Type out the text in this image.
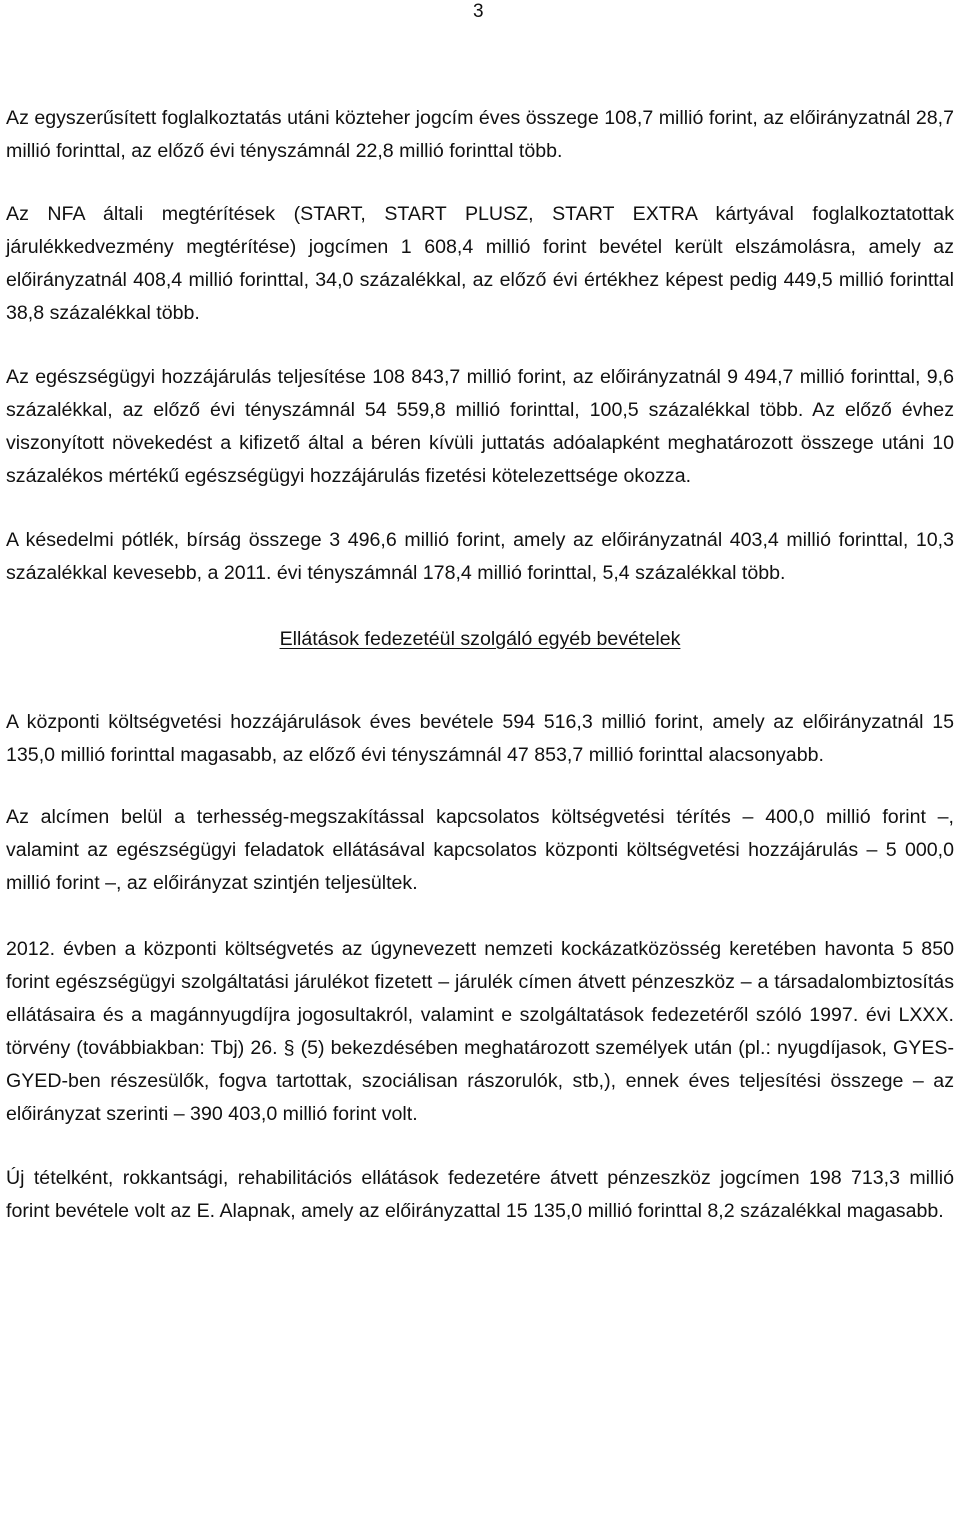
3

Az egyszerűsített foglalkoztatás utáni közteher jogcím éves összege 108,7 millió forint, az előirányzatnál 28,7 millió forinttal, az előző évi tényszámnál 22,8 millió forinttal több.

Az NFA általi megtérítések (START, START PLUSZ, START EXTRA kártyával foglalkoztatottak járulékkedvezmény megtérítése) jogcímen 1 608,4 millió forint bevétel került elszámolásra, amely az előirányzatnál 408,4 millió forinttal, 34,0 százalékkal, az előző évi értékhez képest pedig 449,5 millió forinttal 38,8 százalékkal több.

Az egészségügyi hozzájárulás teljesítése 108 843,7 millió forint, az előirányzatnál 9 494,7 millió forinttal, 9,6 százalékkal, az előző évi tényszámnál 54 559,8 millió forinttal, 100,5 százalékkal több. Az előző évhez viszonyított növekedést a kifizető által a béren kívüli juttatás adóalapként meghatározott összege utáni 10 százalékos mértékű egészségügyi hozzájárulás fizetési kötelezettsége okozza.

A késedelmi pótlék, bírság összege 3 496,6 millió forint, amely az előirányzatnál 403,4 millió forinttal, 10,3 százalékkal kevesebb, a 2011. évi tényszámnál 178,4 millió forinttal, 5,4 százalékkal több.

Ellátások fedezetéül szolgáló egyéb bevételek

A központi költségvetési hozzájárulások éves bevétele 594 516,3 millió forint, amely az előirányzatnál 15 135,0 millió forinttal magasabb, az előző évi tényszámnál 47 853,7 millió forinttal alacsonyabb.

Az alcímen belül a terhesség-megszakítással kapcsolatos költségvetési térítés – 400,0 millió forint –, valamint az egészségügyi feladatok ellátásával kapcsolatos központi költségvetési hozzájárulás – 5 000,0 millió forint –, az előirányzat szintjén teljesültek.

2012. évben a központi költségvetés az úgynevezett nemzeti kockázatközösség keretében havonta 5 850 forint egészségügyi szolgáltatási járulékot fizetett – járulék címen átvett pénzeszköz – a társadalombiztosítás ellátásaira és a magánnyugdíjra jogosultakról, valamint e szolgáltatások fedezetéről szóló 1997. évi LXXX. törvény (továbbiakban: Tbj) 26. § (5) bekezdésében meghatározott személyek után (pl.: nyugdíjasok, GYES-GYED-ben részesülők, fogva tartottak, szociálisan rászorulók, stb,), ennek éves teljesítési összege – az előirányzat szerinti – 390 403,0 millió forint volt.

Új tételként, rokkantsági, rehabilitációs ellátások fedezetére átvett pénzeszköz jogcímen 198 713,3 millió forint bevétele volt az E. Alapnak, amely az előirányzattal 15 135,0 millió forinttal 8,2 százalékkal magasabb.
